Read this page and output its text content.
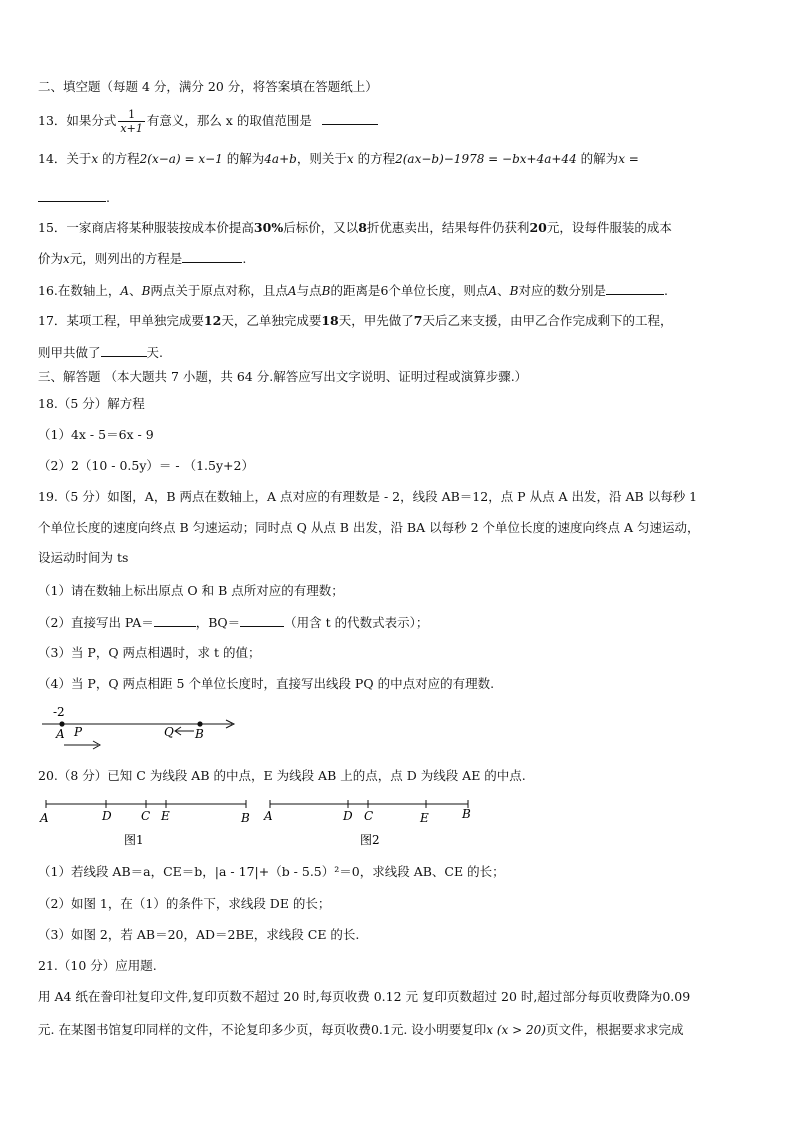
二、填空题（每题 4 分，满分 20 分，将答案填在答题纸上）
13．如果分式 $\frac{1}{x+1}$ 有意义，那么 x 的取值范围是
14．关于x 的方程2(x−a) = x−1 的解为4a+b，则关于x 的方程2(ax−b)−1978 = −bx+4a+44 的解为x =
.
15．一家商店将某种服装按成本价提高30%后标价，又以8折优惠卖出，结果每件仍获利20元，设每件服装的成本
价为x元，则列出的方程是	.
16.在数轴上，A、B两点关于原点对称，且点A与点B的距离是6个单位长度，则点A、B对应的数分别是	.
17．某项工程，甲单独完成要12天，乙单独完成要18天，甲先做了7天后乙来支援，由甲乙合作完成剩下的工程，
则甲共做了	天.
三、解答题 （本大题共 7 小题，共 64 分.解答应写出文字说明、证明过程或演算步骤.）
18.（5 分）解方程
（1）4x - 5＝6x - 9
（2）2（10 - 0.5y）＝ - （1.5y+2）
19.（5 分）如图，A，B 两点在数轴上，A 点对应的有理数是 - 2，线段 AB＝12，点 P 从点 A 出发，沿 AB 以每秒 1
个单位长度的速度向终点 B 匀速运动；同时点 Q 从点 B 出发，沿 BA 以每秒 2 个单位长度的速度向终点 A 匀速运动，
设运动时间为 ts
（1）请在数轴上标出原点 O 和 B 点所对应的有理数；
（2）直接写出 PA＝	，BQ＝	（用含 t 的代数式表示）；
（3）当 P，Q 两点相遇时，求 t 的值；
（4）当 P，Q 两点相距 5 个单位长度时，直接写出线段 PQ 的中点对应的有理数.
-2
A P	Q B
20.（8 分）已知 C 为线段 AB 的中点，E 为线段 AB 上的点，点 D 为线段 AE 的中点.
A	D C E	B
图1
A	D C	E	B
图2
（1）若线段 AB＝a，CE＝b，|a - 17|+（b - 5.5）²＝0，求线段 AB、CE 的长；
（2）如图 1，在（1）的条件下，求线段 DE 的长；
（3）如图 2，若 AB＝20，AD＝2BE，求线段 CE 的长.
21.（10 分）应用题.
用 A4 纸在誊印社复印文件,复印页数不超过 20 时,每页收费 0.12 元 复印页数超过 20 时,超过部分每页收费降为0.09
元. 在某图书馆复印同样的文件，不论复印多少页，每页收费0.1元. 设小明要复印x (x > 20)页文件，根据要求求完成
